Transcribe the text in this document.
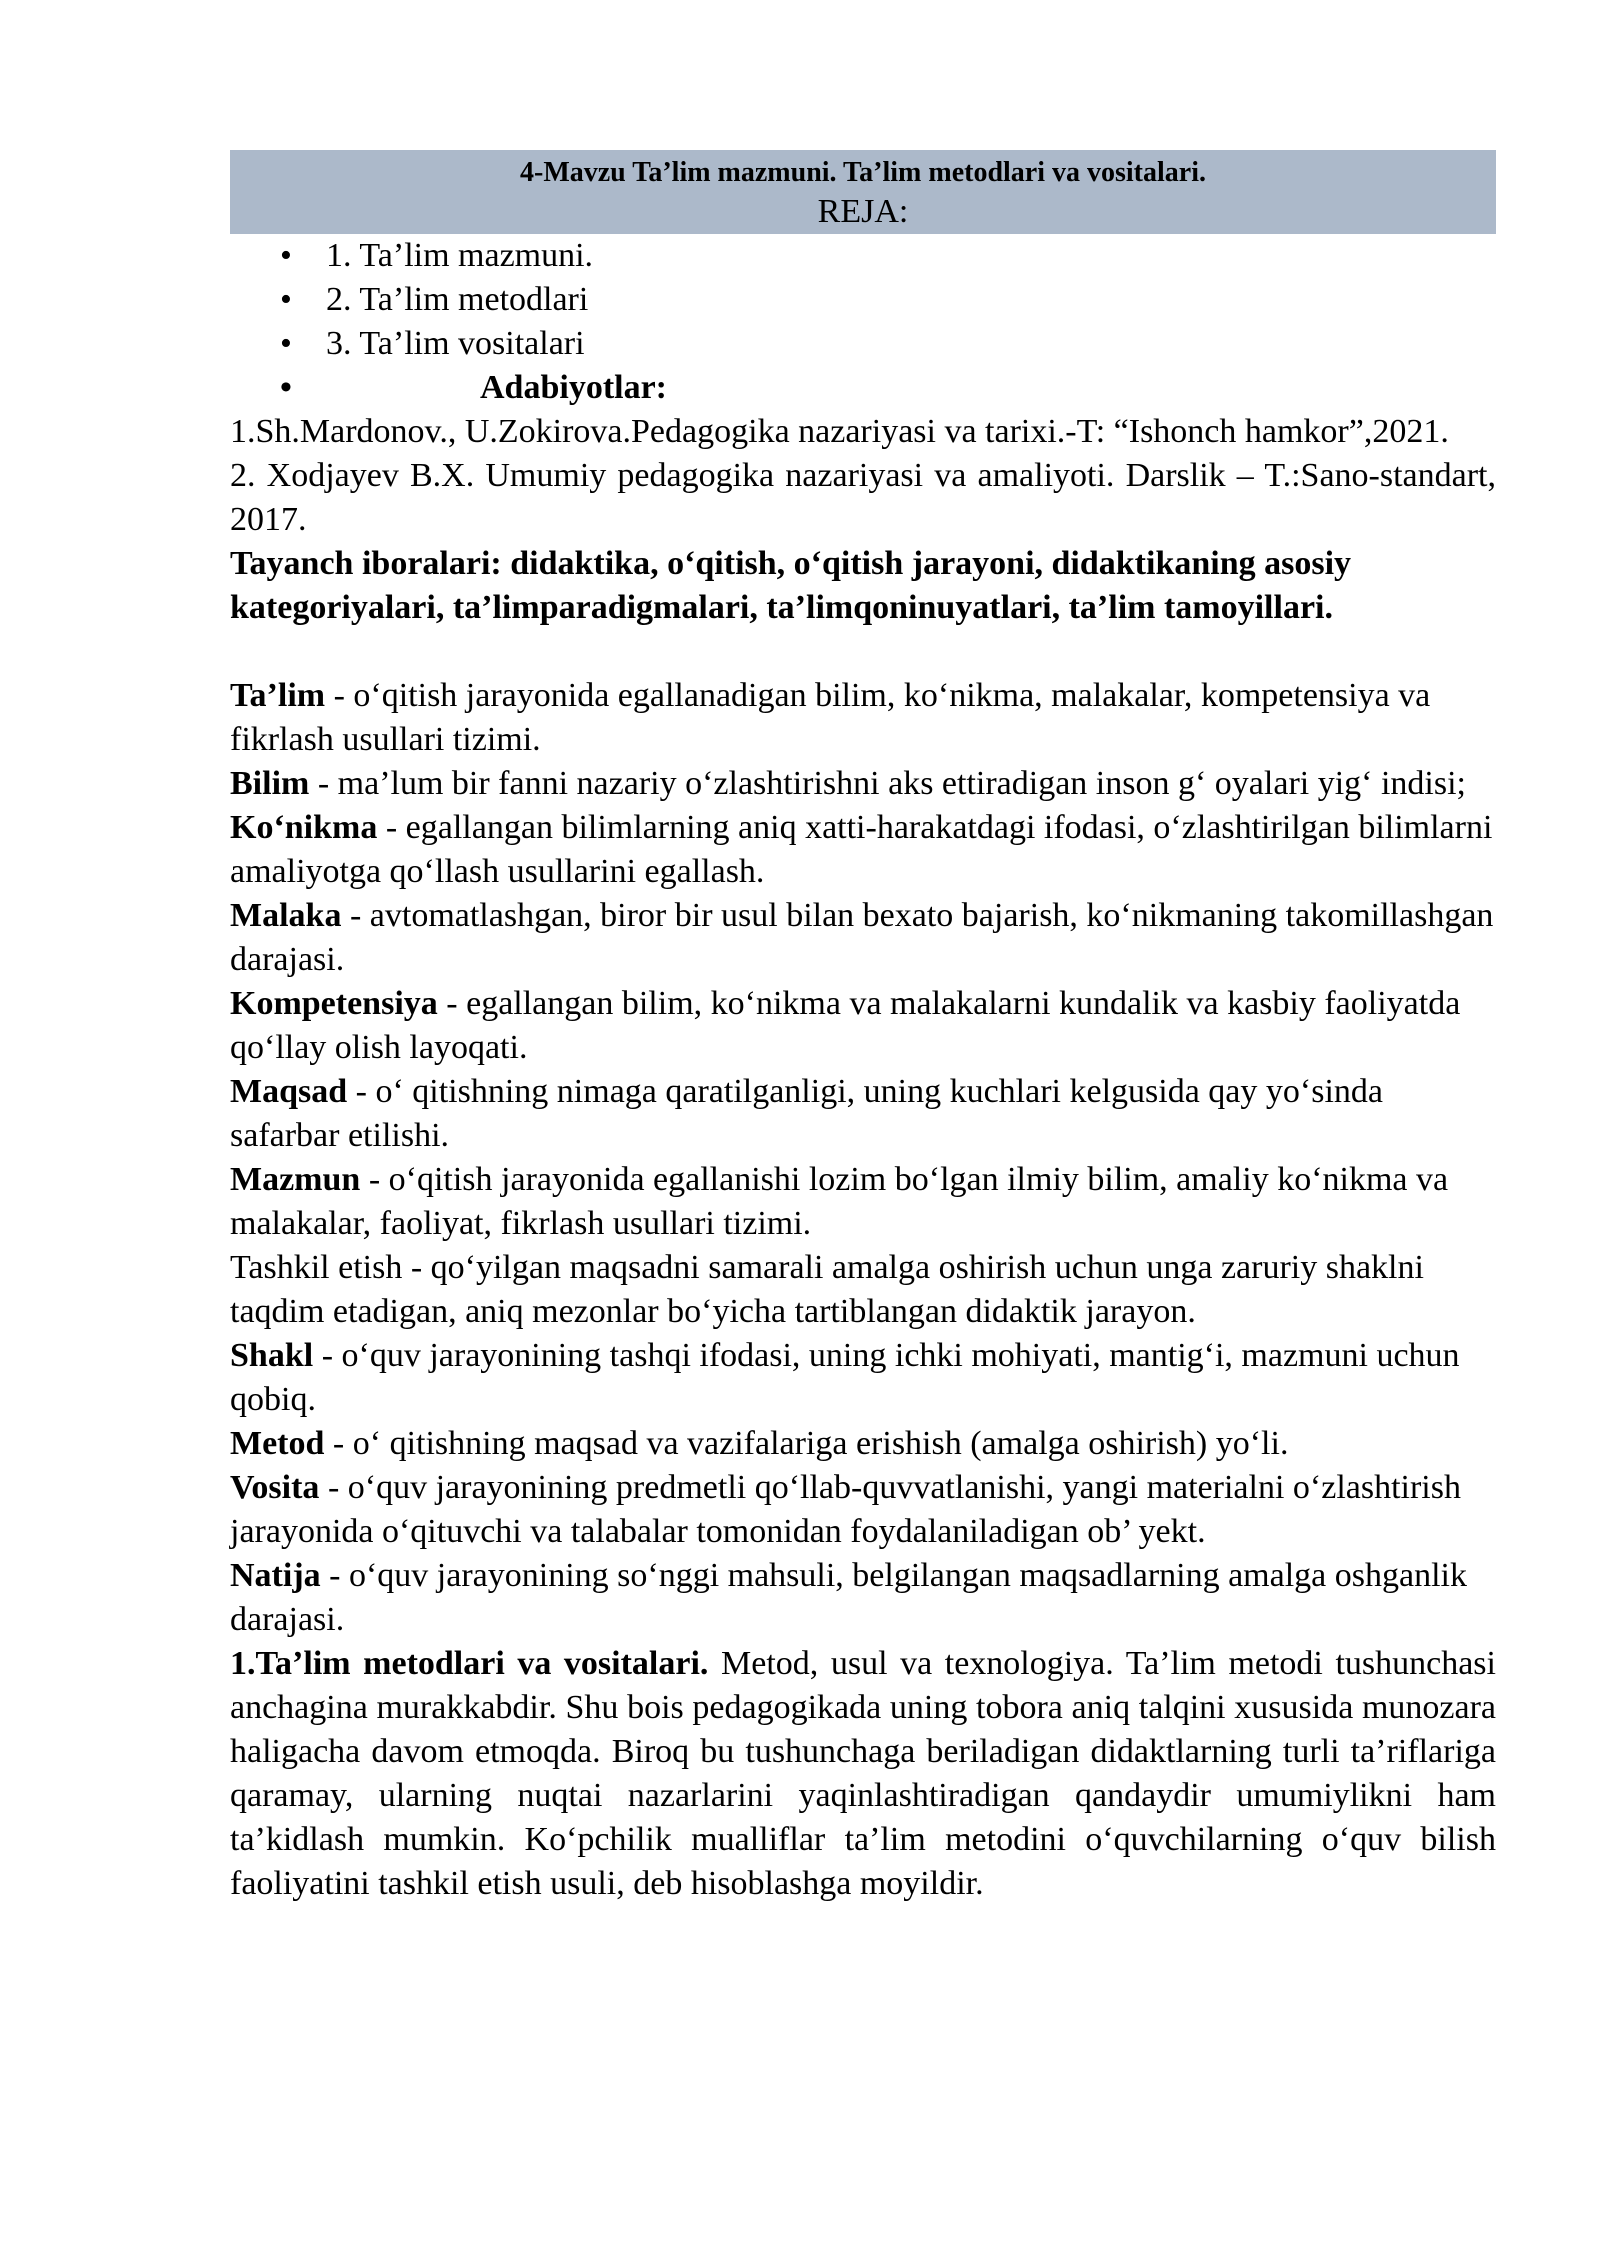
4-Mavzu Ta’lim mazmuni. Ta’lim metodlari va vositalari.
REJA:
• 1. Ta’lim mazmuni.
• 2. Ta’lim metodlari
• 3. Ta’lim vositalari
• Adabiyotlar:

1.Sh.Mardonov., U.Zokirova.Pedagogika nazariyasi va tarixi.-T: “Ishonch hamkor”,2021.

2. Xodjayev B.X. Umumiy pedagogika nazariyasi va amaliyoti. Darslik – T.:Sano-standart, 2017.

Tayanch iboralari: didaktika, o‘qitish, o‘qitish jarayoni, didaktikaning asosiy kategoriyalari, ta’limparadigmalari, ta’limqoninuyatlari, ta’lim tamoyillari.

Ta’lim - o‘qitish jarayonida egallanadigan bilim, ko‘nikma, malakalar, kompetensiya va fikrlash usullari tizimi.

Bilim - ma’lum bir fanni nazariy o‘zlashtirishni aks ettiradigan inson g‘ oyalari yig‘ indisi;

Ko‘nikma - egallangan bilimlarning aniq xatti-harakatdagi ifodasi, o‘zlashtirilgan bilimlarni amaliyotga qo‘llash usullarini egallash.

Malaka - avtomatlashgan, biror bir usul bilan bexato bajarish, ko‘nikmaning takomillashgan darajasi.

Kompetensiya - egallangan bilim, ko‘nikma va malakalarni kundalik va kasbiy faoliyatda qo‘llay olish layoqati.

Maqsad - o‘ qitishning nimaga qaratilganligi, uning kuchlari kelgusida qay yo‘sinda safarbar etilishi.

Mazmun - o‘qitish jarayonida egallanishi lozim bo‘lgan ilmiy bilim, amaliy ko‘nikma va malakalar, faoliyat, fikrlash usullari tizimi.

Tashkil etish - qo‘yilgan maqsadni samarali amalga oshirish uchun unga zaruriy shaklni taqdim etadigan, aniq mezonlar bo‘yicha tartiblangan didaktik jarayon.

Shakl - o‘quv jarayonining tashqi ifodasi, uning ichki mohiyati, mantig‘i, mazmuni uchun qobiq.

Metod - o‘ qitishning maqsad va vazifalariga erishish (amalga oshirish) yo‘li.

Vosita - o‘quv jarayonining predmetli qo‘llab-quvvatlanishi, yangi materialni o‘zlashtirish jarayonida o‘qituvchi va talabalar tomonidan foydalaniladigan ob’ yekt.

Natija - o‘quv jarayonining so‘nggi mahsuli, belgilangan maqsadlarning amalga oshganlik darajasi.

1.Ta’lim metodlari va vositalari. Metod, usul va texnologiya. Ta’lim metodi tushunchasi anchagina murakkabdir. Shu bois pedagogikada uning tobora aniq talqini xususida munozara haligacha davom etmoqda. Biroq bu tushunchaga beriladigan didaktlarning turli ta’riflariga qaramay, ularning nuqtai nazarlarini yaqinlashtiradigan qandaydir umumiylikni ham ta’kidlash mumkin. Ko‘pchilik mualliflar ta’lim metodini o‘quvchilarning o‘quv bilish faoliyatini tashkil etish usuli, deb hisoblashga moyildir.
